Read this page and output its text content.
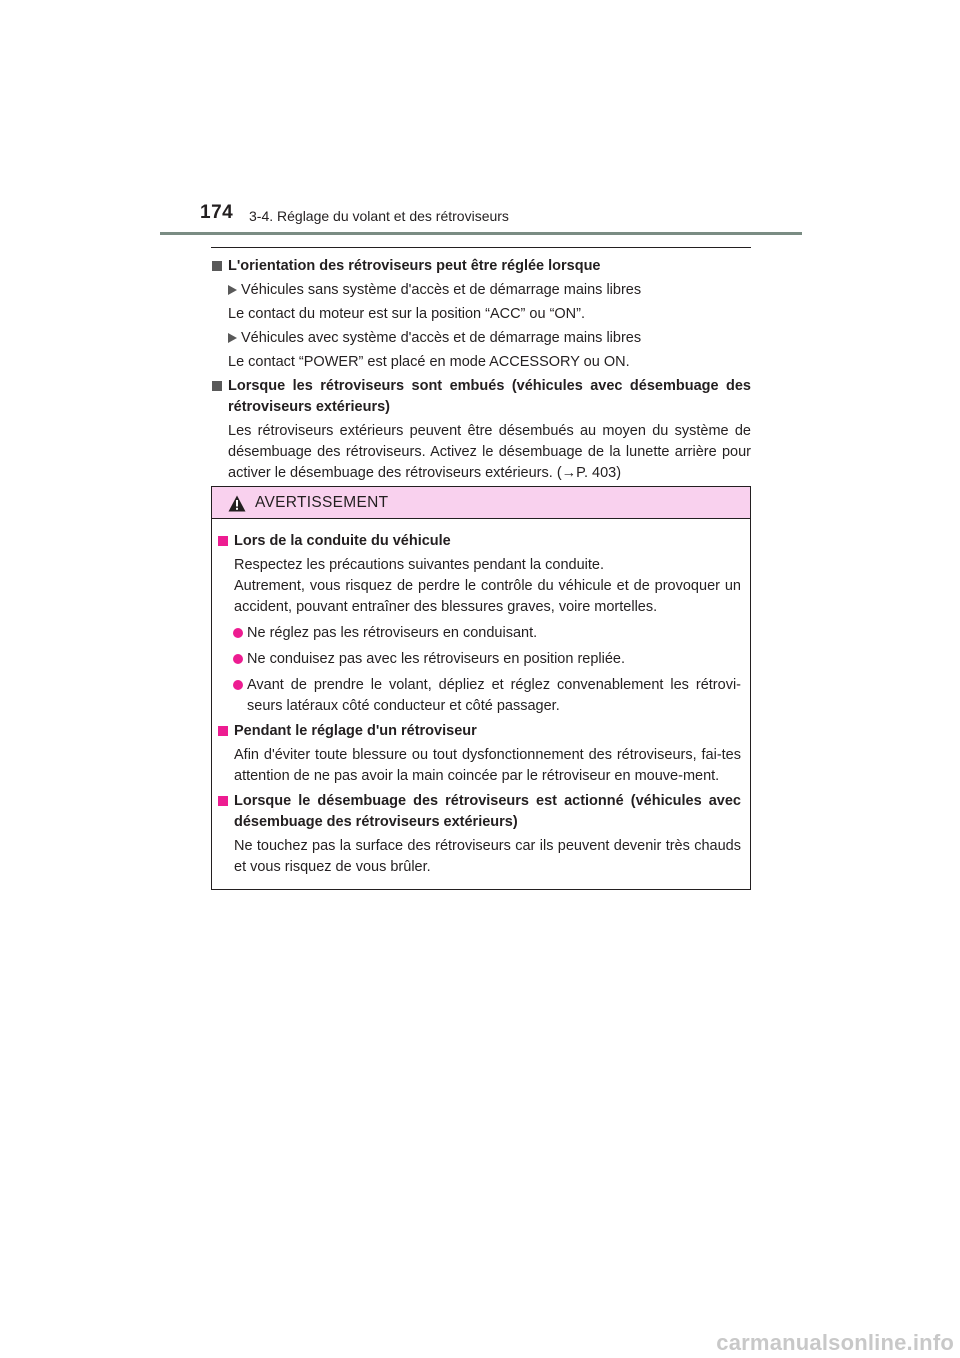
174 3-4. Réglage du volant et des rétroviseurs
L'orientation des rétroviseurs peut être réglée lorsque
Véhicules sans système d'accès et de démarrage mains libres
Le contact du moteur est sur la position “ACC” ou “ON”.
Véhicules avec système d'accès et de démarrage mains libres
Le contact “POWER” est placé en mode ACCESSORY ou ON.
Lorsque les rétroviseurs sont embués (véhicules avec désembuage des rétroviseurs extérieurs)
Les rétroviseurs extérieurs peuvent être désembués au moyen du système de désembuage des rétroviseurs. Activez le désembuage de la lunette arrière pour activer le désembuage des rétroviseurs extérieurs. (→P. 403)
AVERTISSEMENT
Lors de la conduite du véhicule
Respectez les précautions suivantes pendant la conduite.
Autrement, vous risquez de perdre le contrôle du véhicule et de provoquer un accident, pouvant entraîner des blessures graves, voire mortelles.
Ne réglez pas les rétroviseurs en conduisant.
Ne conduisez pas avec les rétroviseurs en position repliée.
Avant de prendre le volant, dépliez et réglez convenablement les rétrovi-seurs latéraux côté conducteur et côté passager.
Pendant le réglage d'un rétroviseur
Afin d'éviter toute blessure ou tout dysfonctionnement des rétroviseurs, fai-tes attention de ne pas avoir la main coincée par le rétroviseur en mouve-ment.
Lorsque le désembuage des rétroviseurs est actionné (véhicules avec désembuage des rétroviseurs extérieurs)
Ne touchez pas la surface des rétroviseurs car ils peuvent devenir très chauds et vous risquez de vous brûler.
carmanualsonline.info
